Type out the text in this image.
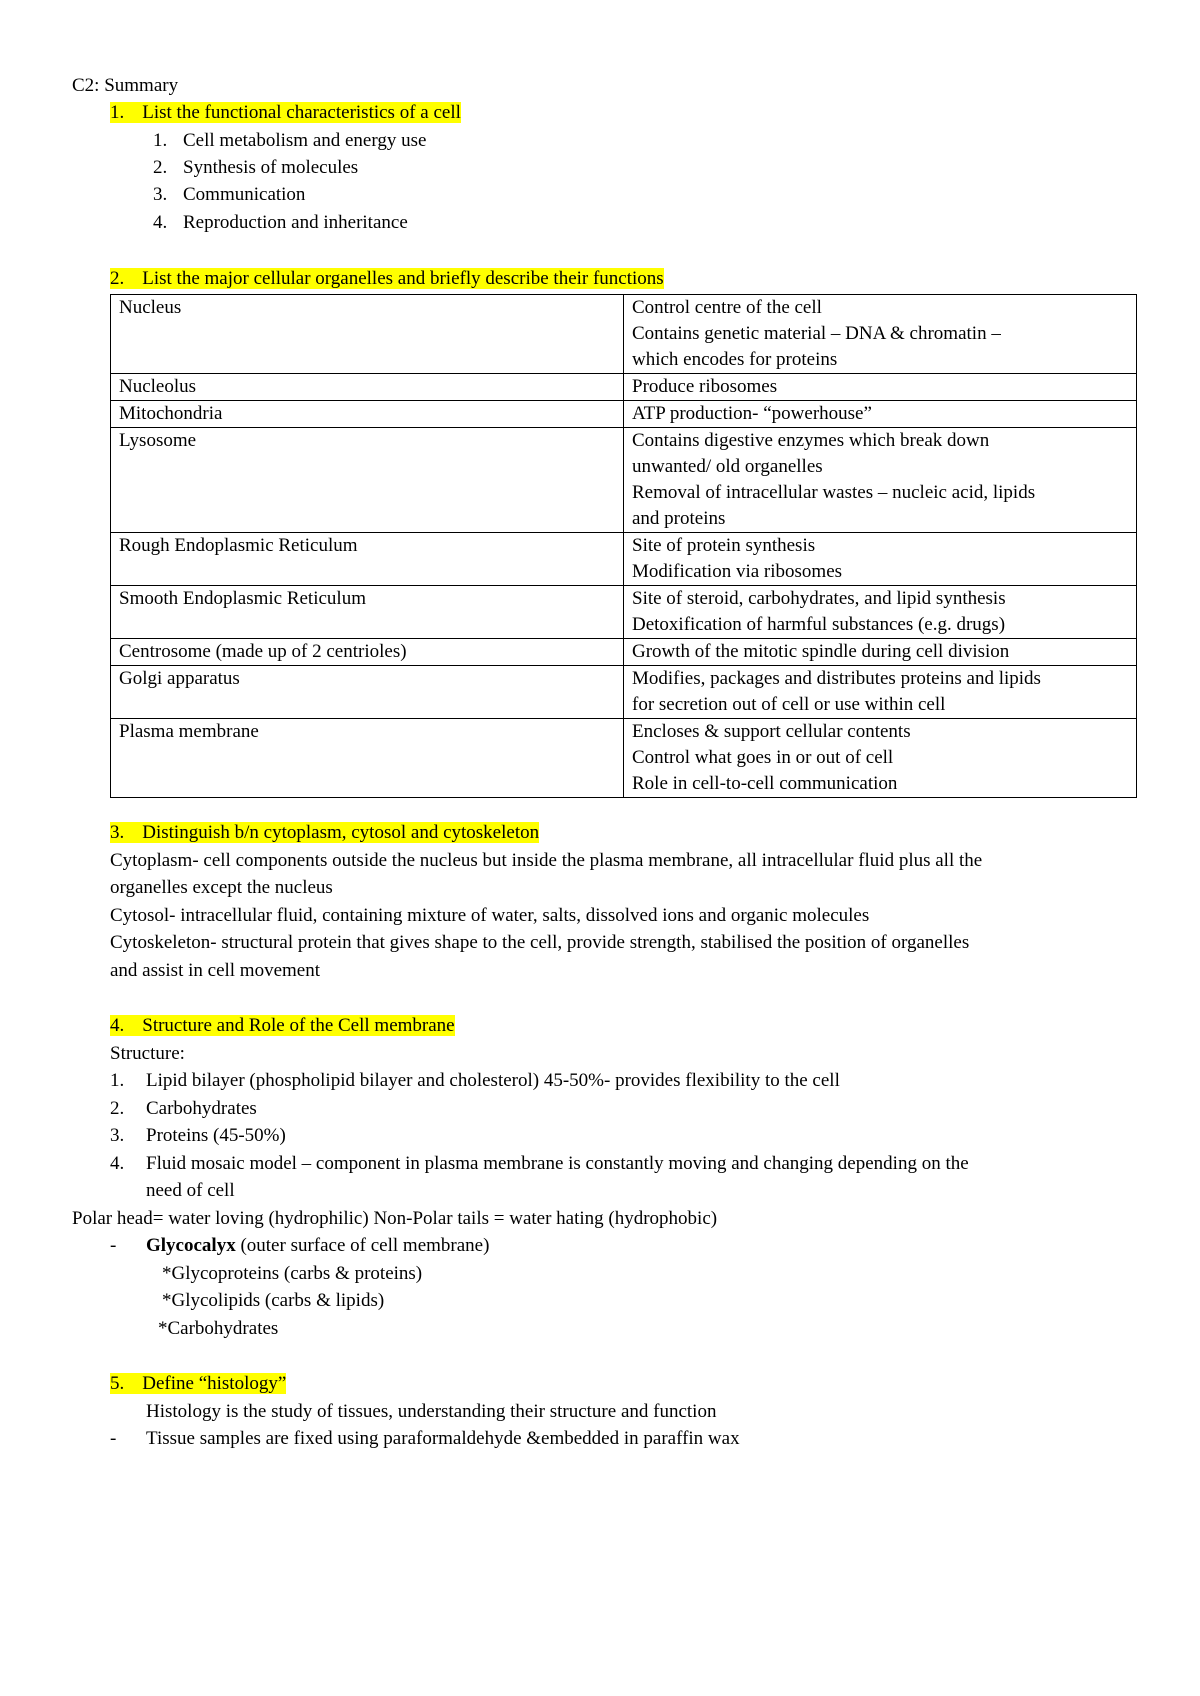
C2: Summary
1. List the functional characteristics of a cell
1. Cell metabolism and energy use
2. Synthesis of molecules
3. Communication
4. Reproduction and inheritance
2. List the major cellular organelles and briefly describe their functions
Nucleus	Control centre of the cell
Contains genetic material – DNA & chromatin –
which encodes for proteins

Nucleolus	Produce ribosomes

Mitochondria	ATP production- “powerhouse”

Lysosome	Contains digestive enzymes which break down
unwanted/ old organelles
Removal of intracellular wastes – nucleic acid, lipids
and proteins

Rough Endoplasmic Reticulum	Site of protein synthesis
Modification via ribosomes

Smooth Endoplasmic Reticulum	Site of steroid, carbohydrates, and lipid synthesis
Detoxification of harmful substances (e.g. drugs)

Centrosome (made up of 2 centrioles)	Growth of the mitotic spindle during cell division

Golgi apparatus	Modifies, packages and distributes proteins and lipids
for secretion out of cell or use within cell

Plasma membrane	Encloses & support cellular contents
Control what goes in or out of cell
Role in cell-to-cell communication
3. Distinguish b/n cytoplasm, cytosol and cytoskeleton
Cytoplasm- cell components outside the nucleus but inside the plasma membrane, all intracellular fluid plus all the
organelles except the nucleus
Cytosol- intracellular fluid, containing mixture of water, salts, dissolved ions and organic molecules
Cytoskeleton- structural protein that gives shape to the cell, provide strength, stabilised the position of organelles
and assist in cell movement
4. Structure and Role of the Cell membrane
Structure:
1. Lipid bilayer (phospholipid bilayer and cholesterol) 45-50%- provides flexibility to the cell
2. Carbohydrates
3. Proteins (45-50%)
4. Fluid mosaic model – component in plasma membrane is constantly moving and changing depending on the
need of cell
Polar head= water loving (hydrophilic) Non-Polar tails = water hating (hydrophobic)
- Glycocalyx (outer surface of cell membrane)
*Glycoproteins (carbs & proteins)
*Glycolipids (carbs & lipids)
*Carbohydrates
5. Define “histology”
Histology is the study of tissues, understanding their structure and function
- Tissue samples are fixed using paraformaldehyde &embedded in paraffin wax
